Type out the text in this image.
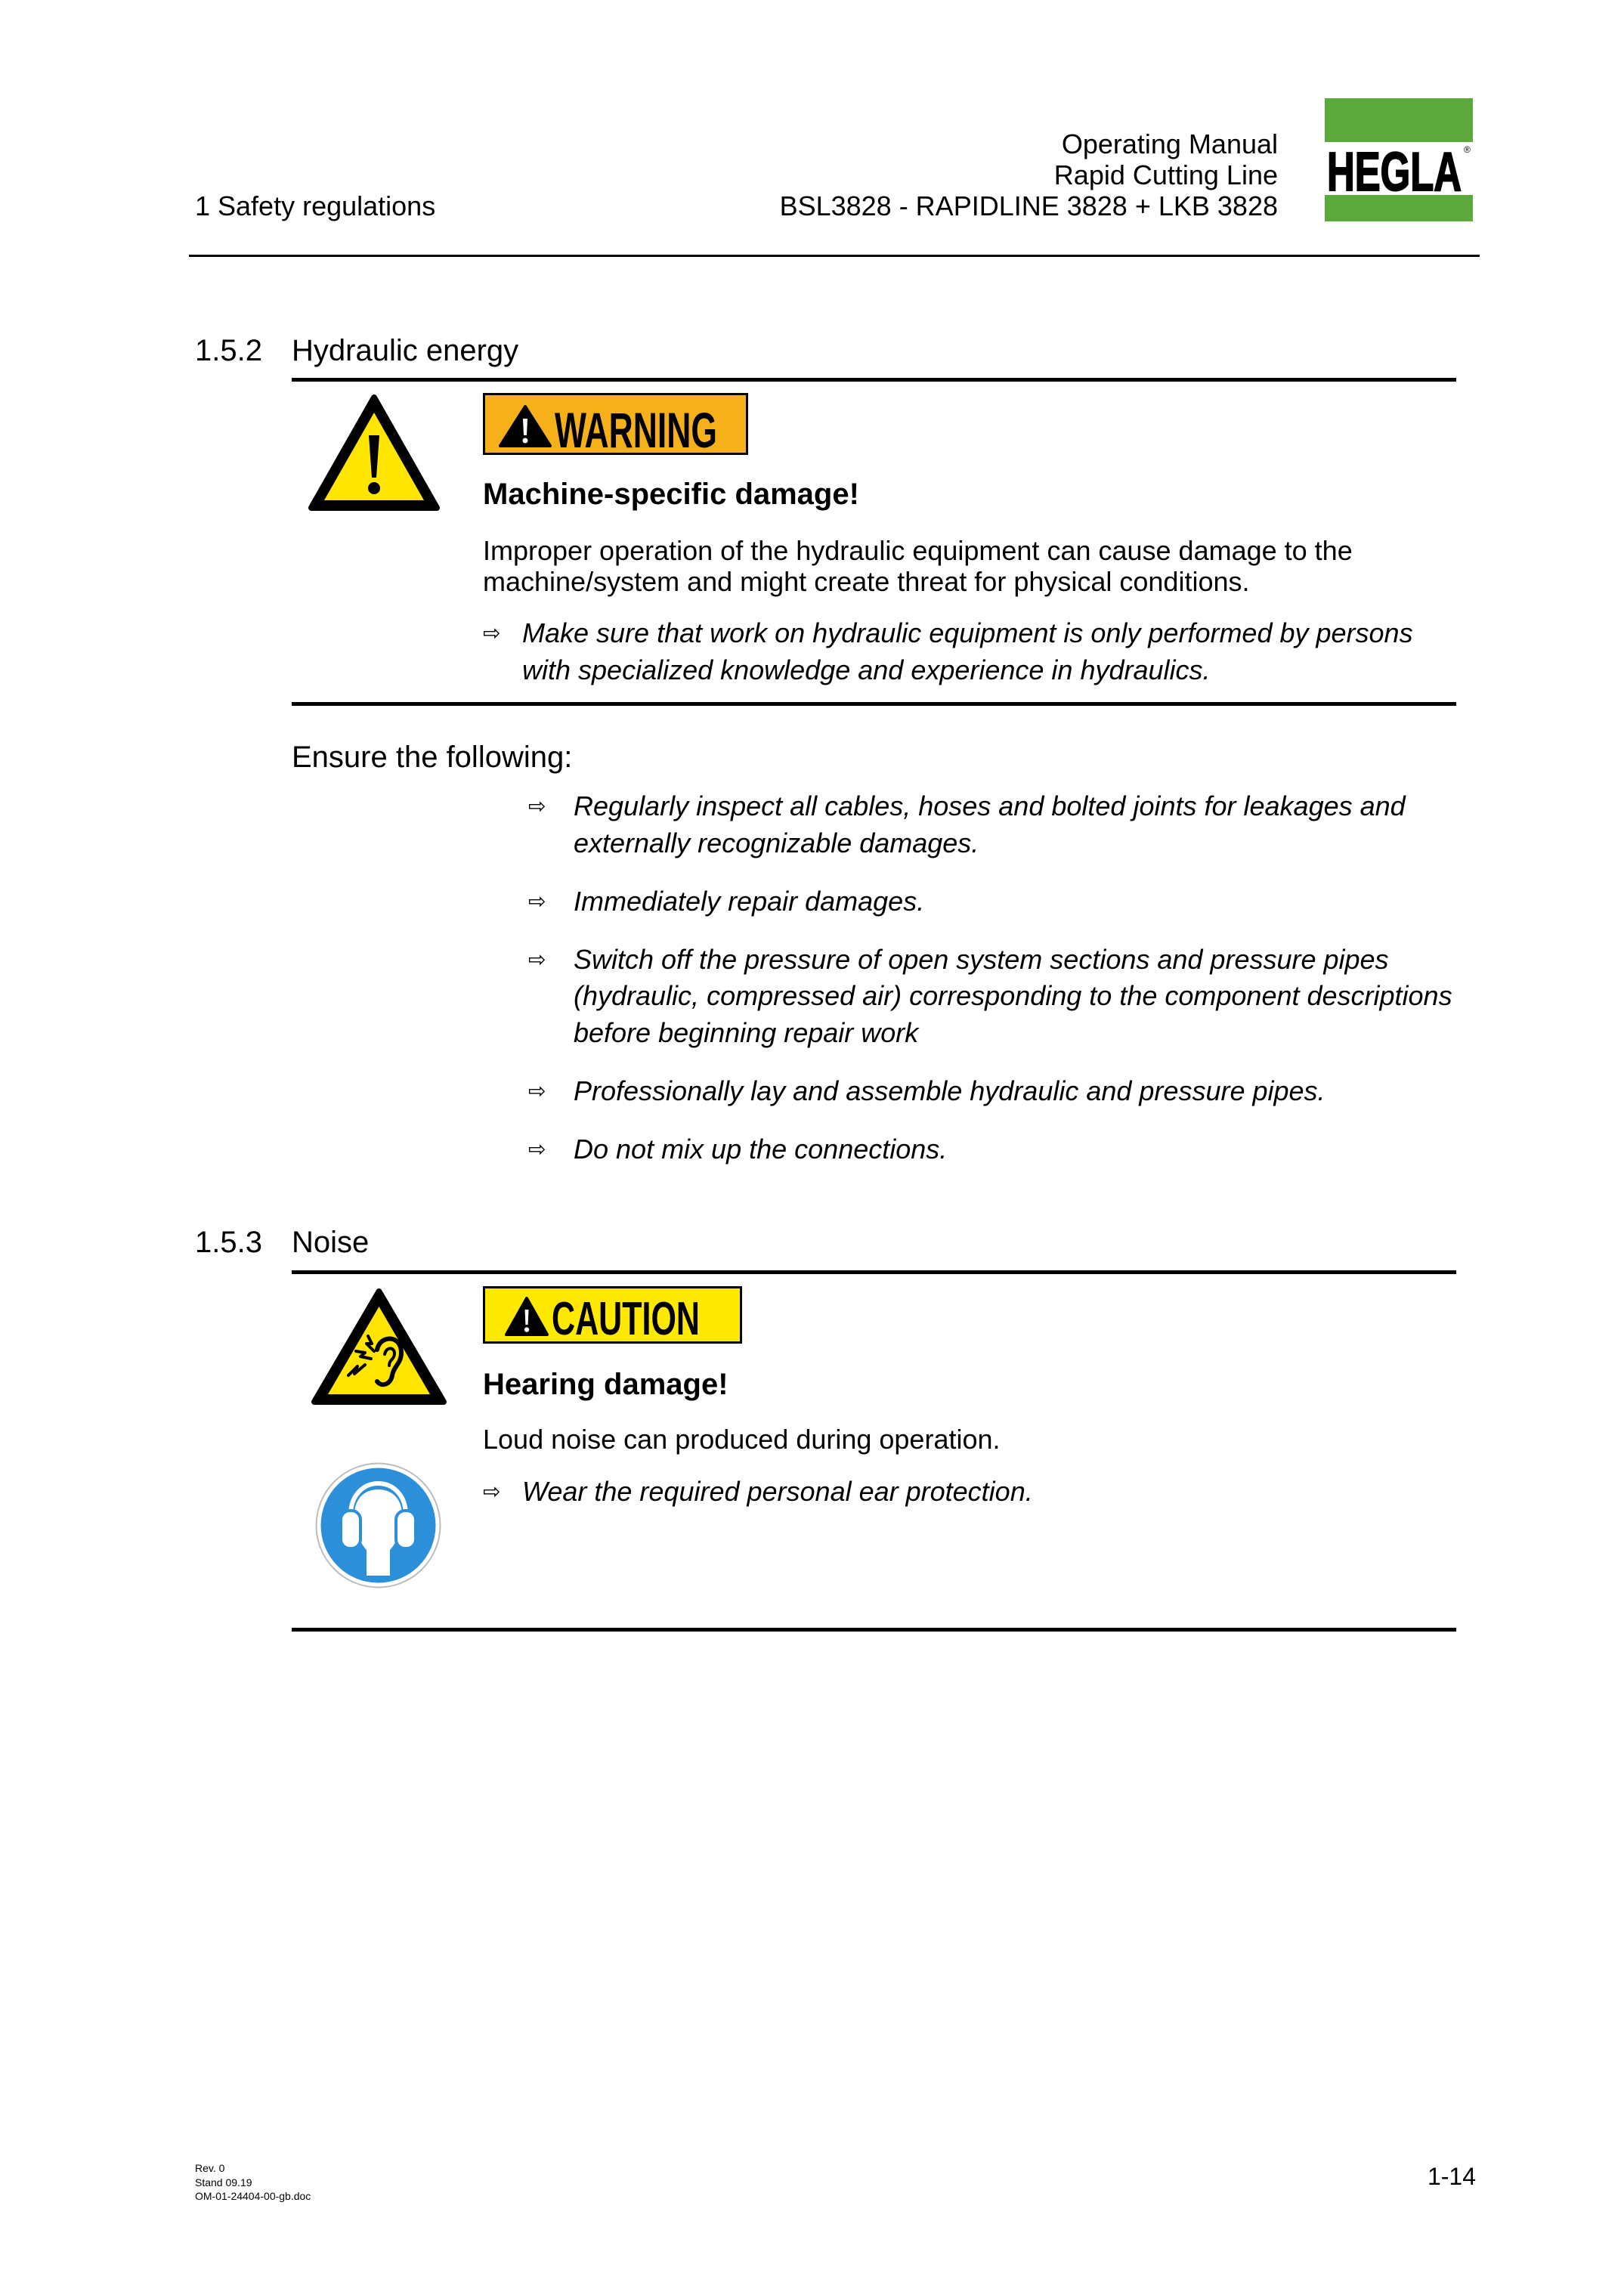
Operating Manual
Rapid Cutting Line
BSL3828 - RAPIDLINE 3828 + LKB 3828
1 Safety regulations
HEGLA ®
1.5.2 Hydraulic energy
WARNING
Machine-specific damage!
Improper operation of the hydraulic equipment can cause damage to the
machine/system and might create threat for physical conditions.
⇨ Make sure that work on hydraulic equipment is only performed by persons
with specialized knowledge and experience in hydraulics.
Ensure the following:
⇨	Regularly inspect all cables, hoses and bolted joints for leakages and
externally recognizable damages.
⇨	Immediately repair damages.
⇨	Switch off the pressure of open system sections and pressure pipes
(hydraulic, compressed air) corresponding to the component descriptions
before beginning repair work
⇨	Professionally lay and assemble hydraulic and pressure pipes.
⇨	Do not mix up the connections.
1.5.3 Noise
CAUTION
Hearing damage!
Loud noise can produced during operation.
⇨ Wear the required personal ear protection.
Rev. 0
Stand 09.19
OM-01-24404-00-gb.doc
1-14
